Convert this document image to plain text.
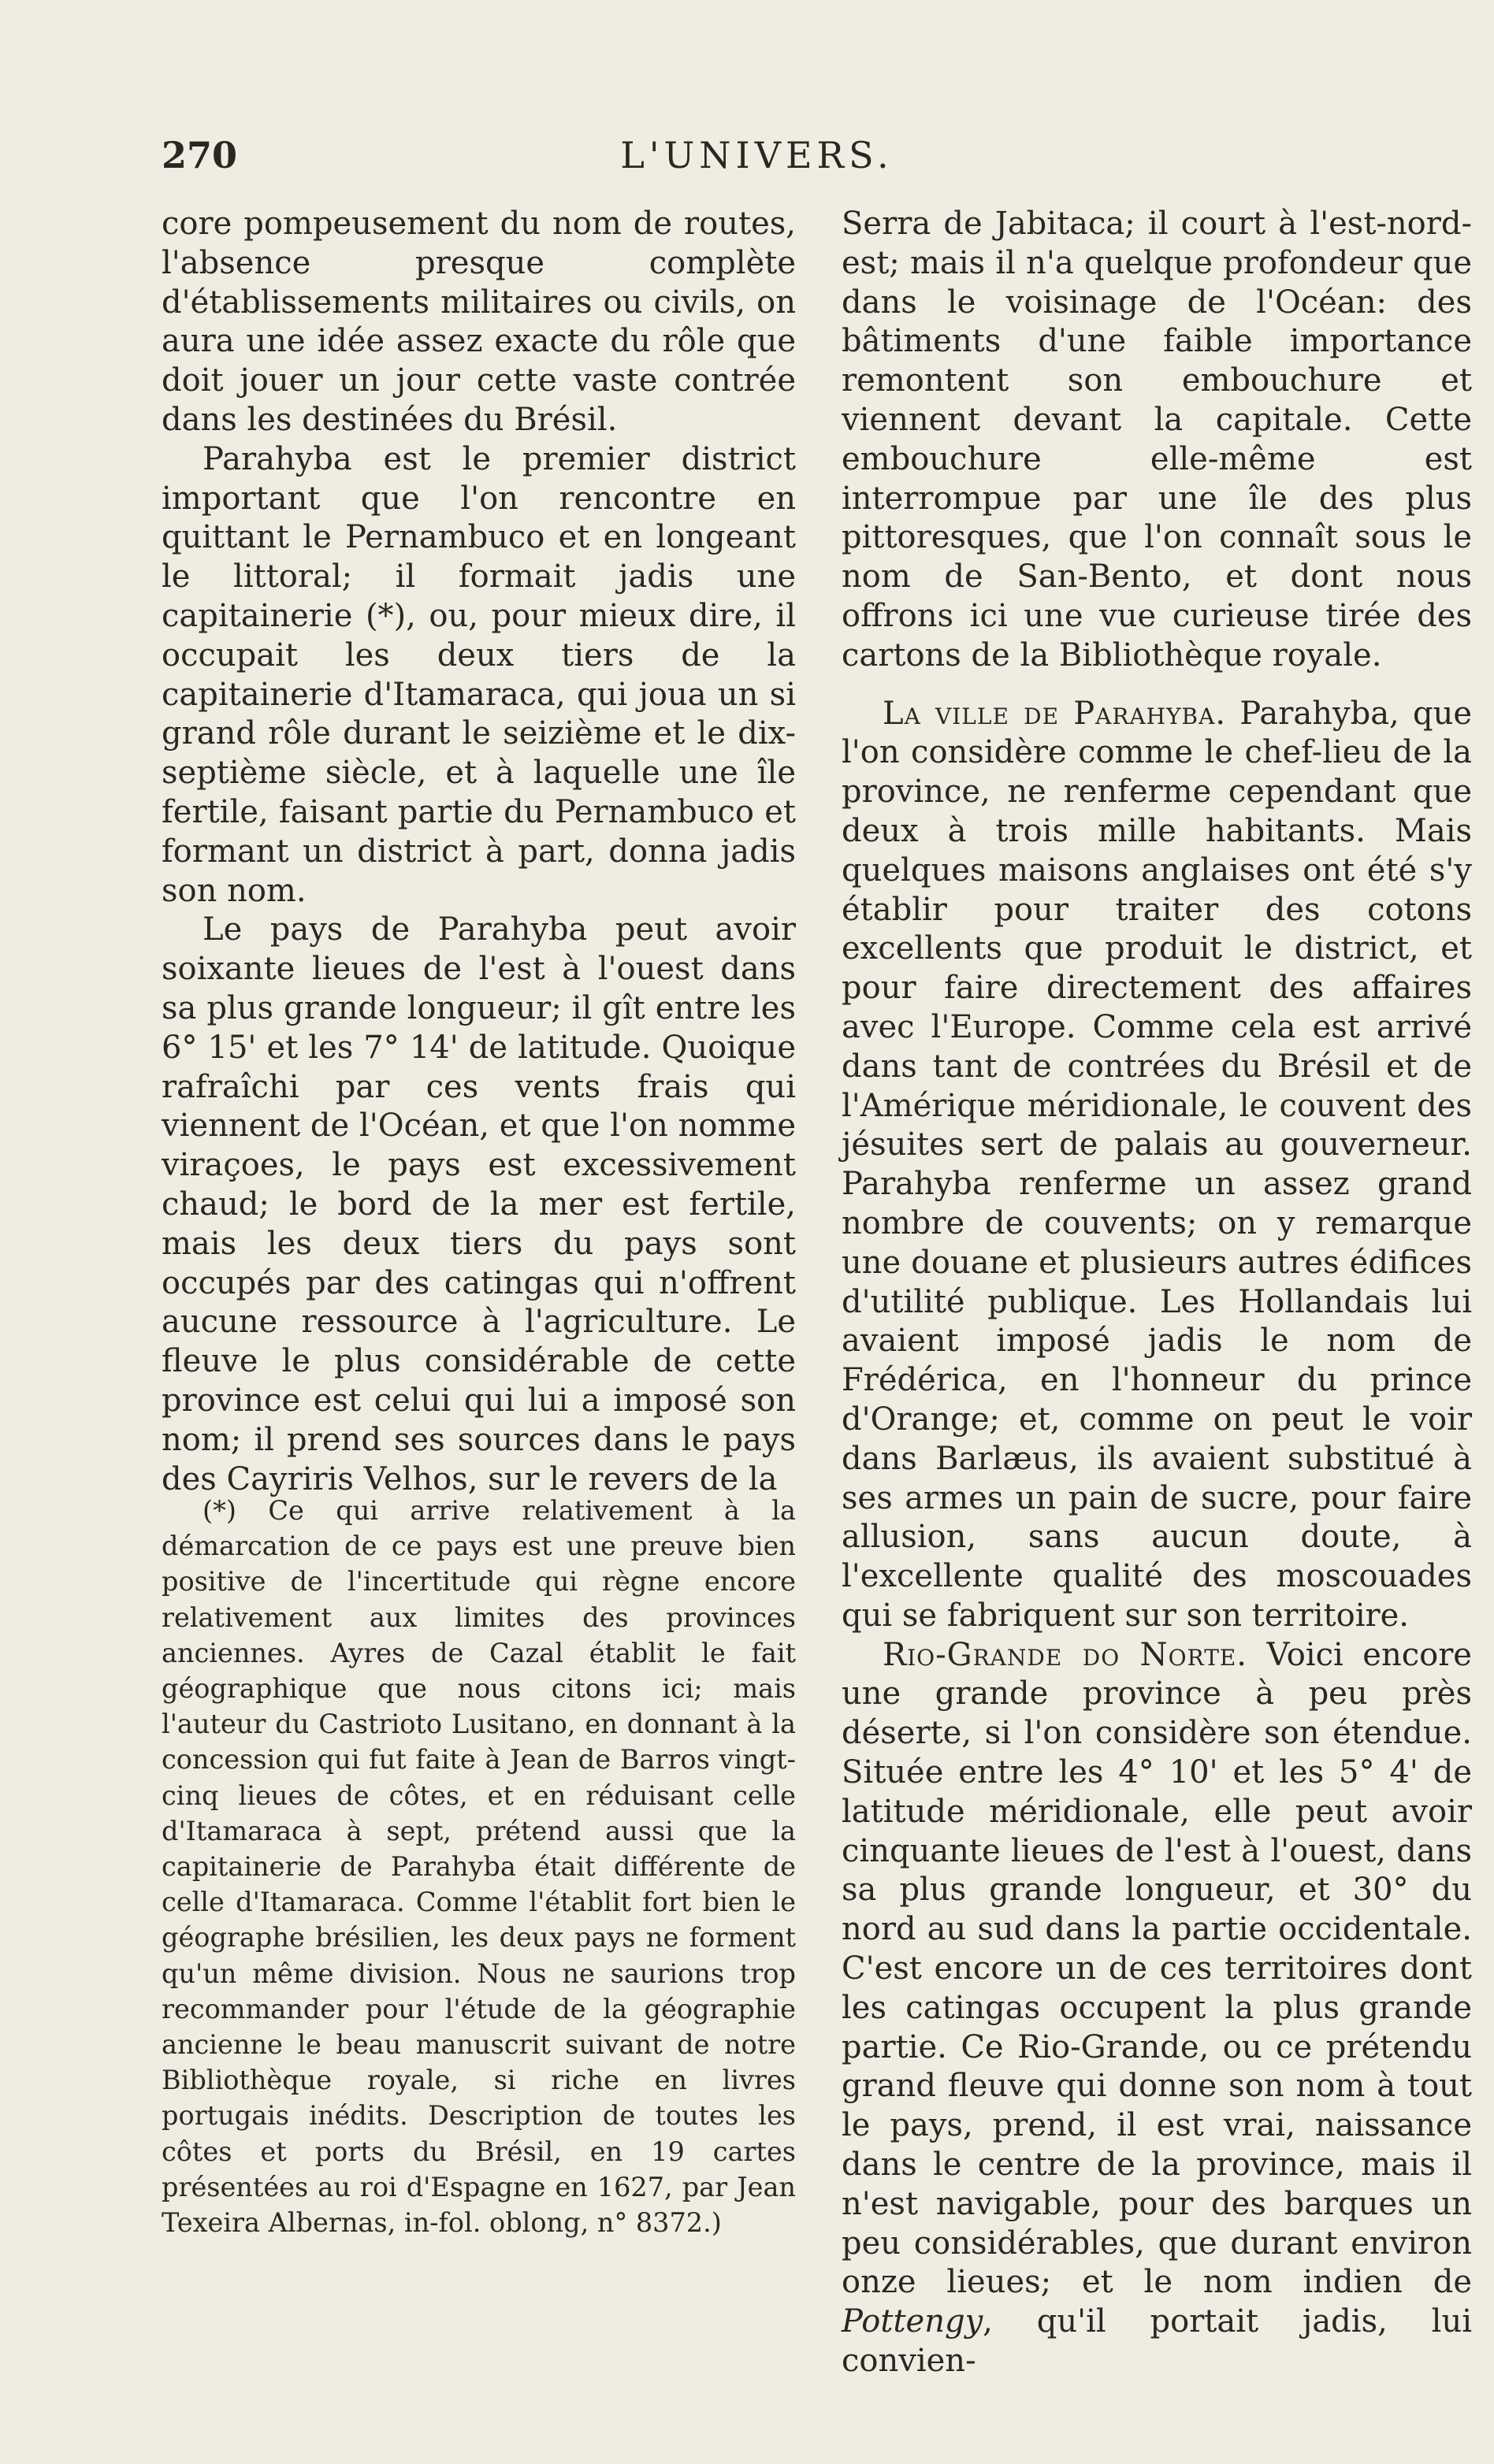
270	L'UNIVERS.

core pompeusement du nom de routes, l'absence presque complète d'établissements militaires ou civils, on aura une idée assez exacte du rôle que doit jouer un jour cette vaste contrée dans les destinées du Brésil.

Parahyba est le premier district important que l'on rencontre en quittant le Pernambuco et en longeant le littoral; il formait jadis une capitainerie (*), ou, pour mieux dire, il occupait les deux tiers de la capitainerie d'Itamaraca, qui joua un si grand rôle durant le seizième et le dix-septième siècle, et à laquelle une île fertile, faisant partie du Pernambuco et formant un district à part, donna jadis son nom.

Le pays de Parahyba peut avoir soixante lieues de l'est à l'ouest dans sa plus grande longueur; il gît entre les 6° 15' et les 7° 14' de latitude. Quoique rafraîchi par ces vents frais qui viennent de l'Océan, et que l'on nomme viraçoes, le pays est excessivement chaud; le bord de la mer est fertile, mais les deux tiers du pays sont occupés par des catingas qui n'offrent aucune ressource à l'agriculture. Le fleuve le plus considérable de cette province est celui qui lui a imposé son nom; il prend ses sources dans le pays des Cayriris Velhos, sur le revers de la

(*) Ce qui arrive relativement à la démarcation de ce pays est une preuve bien positive de l'incertitude qui règne encore relativement aux limites des provinces anciennes. Ayres de Cazal établit le fait géographique que nous citons ici; mais l'auteur du Castrioto Lusitano, en donnant à la concession qui fut faite à Jean de Barros vingt-cinq lieues de côtes, et en réduisant celle d'Itamaraca à sept, prétend aussi que la capitainerie de Parahyba était différente de celle d'Itamaraca. Comme l'établit fort bien le géographe brésilien, les deux pays ne forment qu'un même division. Nous ne saurions trop recommander pour l'étude de la géographie ancienne le beau manuscrit suivant de notre Bibliothèque royale, si riche en livres portugais inédits. Description de toutes les côtes et ports du Brésil, en 19 cartes présentées au roi d'Espagne en 1627, par Jean Texeira Albernas, in-fol. oblong, n° 8372.)

Serra de Jabitaca; il court à l'est-nord-est; mais il n'a quelque profondeur que dans le voisinage de l'Océan: des bâtiments d'une faible importance remontent son embouchure et viennent devant la capitale. Cette embouchure elle-même est interrompue par une île des plus pittoresques, que l'on connaît sous le nom de San-Bento, et dont nous offrons ici une vue curieuse tirée des cartons de la Bibliothèque royale.

La ville de Parahyba. Parahyba, que l'on considère comme le chef-lieu de la province, ne renferme cependant que deux à trois mille habitants. Mais quelques maisons anglaises ont été s'y établir pour traiter des cotons excellents que produit le district, et pour faire directement des affaires avec l'Europe. Comme cela est arrivé dans tant de contrées du Brésil et de l'Amérique méridionale, le couvent des jésuites sert de palais au gouverneur. Parahyba renferme un assez grand nombre de couvents; on y remarque une douane et plusieurs autres édifices d'utilité publique. Les Hollandais lui avaient imposé jadis le nom de Frédérica, en l'honneur du prince d'Orange; et, comme on peut le voir dans Barlæus, ils avaient substitué à ses armes un pain de sucre, pour faire allusion, sans aucun doute, à l'excellente qualité des moscouades qui se fabriquent sur son territoire.

Rio-Grande do Norte. Voici encore une grande province à peu près déserte, si l'on considère son étendue. Située entre les 4° 10' et les 5° 4' de latitude méridionale, elle peut avoir cinquante lieues de l'est à l'ouest, dans sa plus grande longueur, et 30° du nord au sud dans la partie occidentale. C'est encore un de ces territoires dont les catingas occupent la plus grande partie. Ce Rio-Grande, ou ce prétendu grand fleuve qui donne son nom à tout le pays, prend, il est vrai, naissance dans le centre de la province, mais il n'est navigable, pour des barques un peu considérables, que durant environ onze lieues; et le nom indien de Pottengy, qu'il portait jadis, lui convien-
